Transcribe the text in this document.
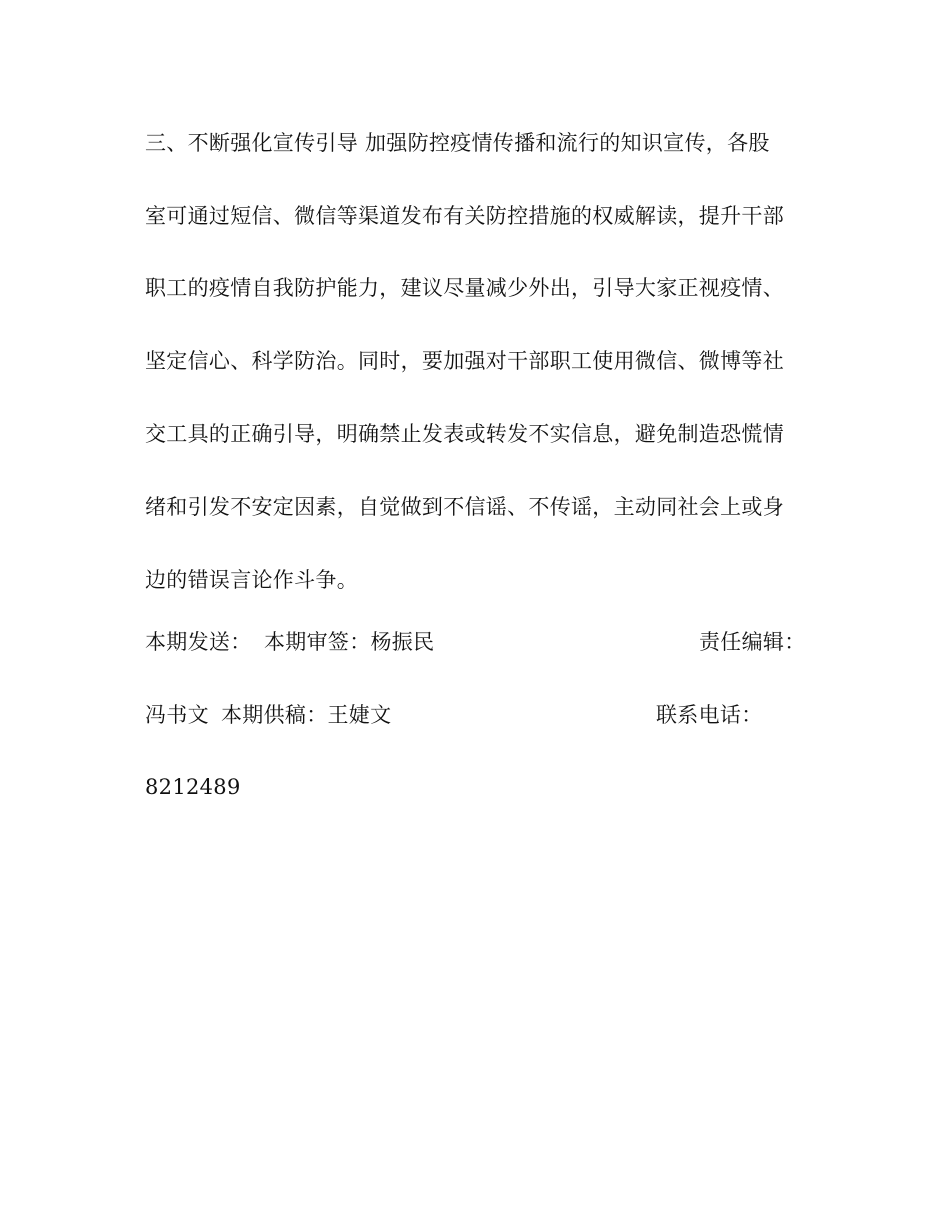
三、不断强化宣传引导 加强防控疫情传播和流行的知识宣传，各股
室可通过短信、微信等渠道发布有关防控措施的权威解读，提升干部
职工的疫情自我防护能力，建议尽量减少外出，引导大家正视疫情、
坚定信心、科学防治。同时，要加强对干部职工使用微信、微博等社
交工具的正确引导，明确禁止发表或转发不实信息，避免制造恐慌情
绪和引发不安定因素，自觉做到不信谣、不传谣，主动同社会上或身
边的错误言论作斗争。
本期发送： 本期审签：杨振民	责任编辑：
冯书文 本期供稿：王婕文	联系电话：
8212489
